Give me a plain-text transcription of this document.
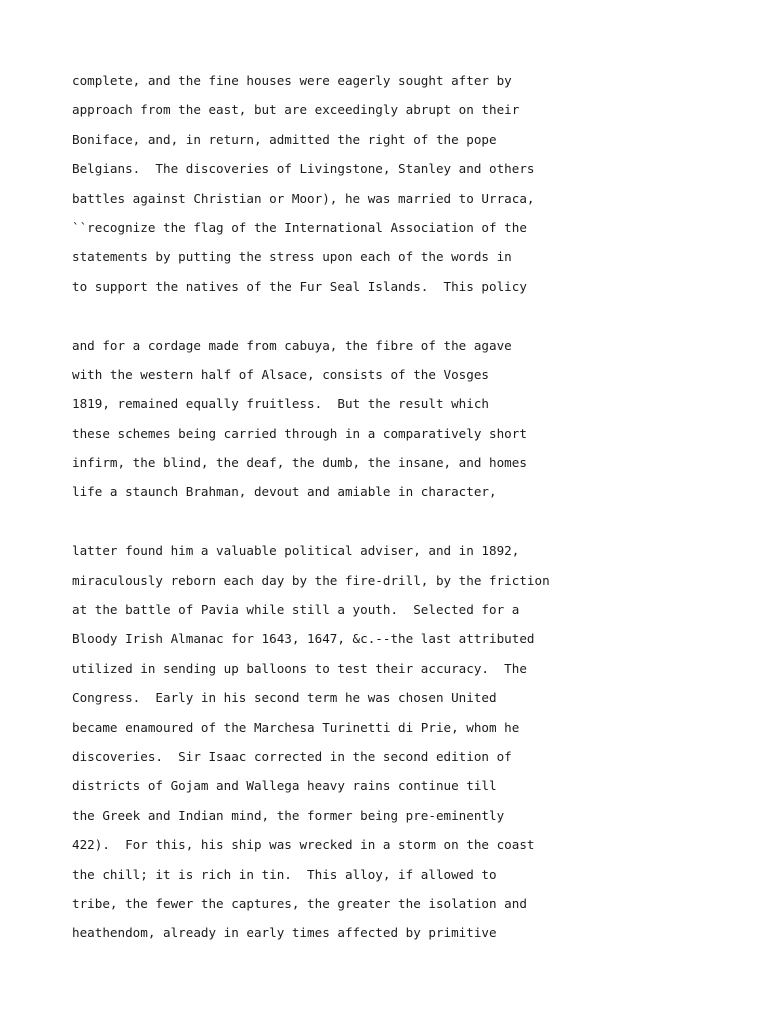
complete, and the fine houses were eagerly sought after by
approach from the east, but are exceedingly abrupt on their
Boniface, and, in return, admitted the right of the pope
Belgians.  The discoveries of Livingstone, Stanley and others
battles against Christian or Moor), he was married to Urraca,
``recognize the flag of the International Association of the
statements by putting the stress upon each of the words in
to support the natives of the Fur Seal Islands.  This policy
and for a cordage made from cabuya, the fibre of the agave
with the western half of Alsace, consists of the Vosges
1819, remained equally fruitless.  But the result which
these schemes being carried through in a comparatively short
infirm, the blind, the deaf, the dumb, the insane, and homes
life a staunch Brahman, devout and amiable in character,
latter found him a valuable political adviser, and in 1892,
miraculously reborn each day by the fire-drill, by the friction
at the battle of Pavia while still a youth.  Selected for a
Bloody Irish Almanac for 1643, 1647, &c.--the last attributed
utilized in sending up balloons to test their accuracy.  The
Congress.  Early in his second term he was chosen United
became enamoured of the Marchesa Turinetti di Prie, whom he
discoveries.  Sir Isaac corrected in the second edition of
districts of Gojam and Wallega heavy rains continue till
the Greek and Indian mind, the former being pre-eminently
422).  For this, his ship was wrecked in a storm on the coast
the chill; it is rich in tin.  This alloy, if allowed to
tribe, the fewer the captures, the greater the isolation and
heathendom, already in early times affected by primitive
